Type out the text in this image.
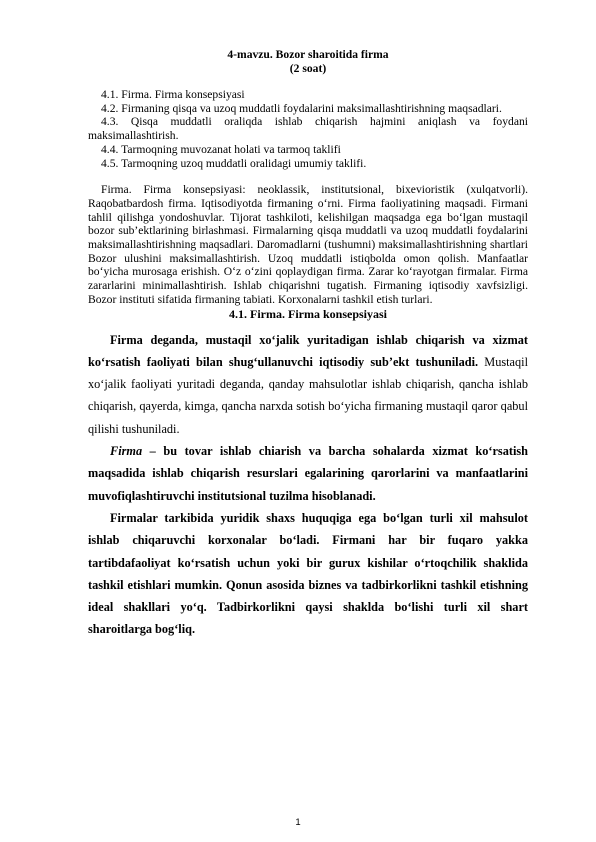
4-mavzu. Bozor sharoitida firma

(2 soat)

4.1. Firma. Firma konsepsiyasi

4.2. Firmaning qisqa va uzoq muddatli foydalarini maksimallashtirishning maqsadlari.

4.3. Qisqa muddatli oraliqda ishlab chiqarish hajmini aniqlash va foydani maksimallashtirish.

4.4. Tarmoqning muvozanat holati va tarmoq taklifi

4.5. Tarmoqning uzoq muddatli oralidagi umumiy taklifi.

Firma. Firma konsepsiyasi: neoklassik, institutsional, bixevioristik (xulqatvorli). Raqobatbardosh firma. Iqtisodiyotda firmaning o‘rni. Firma faoliyatining maqsadi. Firmani tahlil qilishga yondoshuvlar. Tijorat tashkiloti, kelishilgan maqsadga ega bo‘lgan mustaqil bozor sub’ektlarining birlashmasi. Firmalarning qisqa muddatli va uzoq muddatli foydalarini maksimallashtirishning maqsadlari. Daromadlarni (tushumni) maksimallashtirishning shartlari Bozor ulushini maksimallashtirish. Uzoq muddatli istiqbolda omon qolish. Manfaatlar bo‘yicha murosaga erishish. O‘z o‘zini qoplaydigan firma. Zarar ko‘rayotgan firmalar. Firma zararlarini minimallashtirish. Ishlab chiqarishni tugatish. Firmaning iqtisodiy xavfsizligi. Bozor instituti sifatida firmaning tabiati. Korxonalarni tashkil etish turlari.

4.1. Firma. Firma konsepsiyasi

Firma deganda, mustaqil xo‘jalik yuritadigan ishlab chiqarish va xizmat ko‘rsatish faoliyati bilan shug‘ullanuvchi iqtisodiy sub’ekt tushuniladi. Mustaqil xo‘jalik faoliyati yuritadi deganda, qanday mahsulotlar ishlab chiqarish, qancha ishlab chiqarish, qayerda, kimga, qancha narxda sotish bo‘yicha firmaning mustaqil qaror qabul qilishi tushuniladi.

Firma – bu tovar ishlab chiarish va barcha sohalarda xizmat ko‘rsatish maqsadida ishlab chiqarish resurslari egalarining qarorlarini va manfaatlarini muvofiqlashtiruvchi institutsional tuzilma hisoblanadi.

Firmalar tarkibida yuridik shaxs huquqiga ega bo‘lgan turli xil mahsulot ishlab chiqaruvchi korxonalar bo‘ladi. Firmani har bir fuqaro yakka tartibdafaoliyat ko‘rsatish uchun yoki bir gurux kishilar o‘rtoqchilik shaklida tashkil etishlari mumkin. Qonun asosida biznes va tadbirkorlikni tashkil etishning ideal shakllari yo‘q. Tadbirkorlikni qaysi shaklda bo‘lishi turli xil shart sharoitlarga bog‘liq.

1
